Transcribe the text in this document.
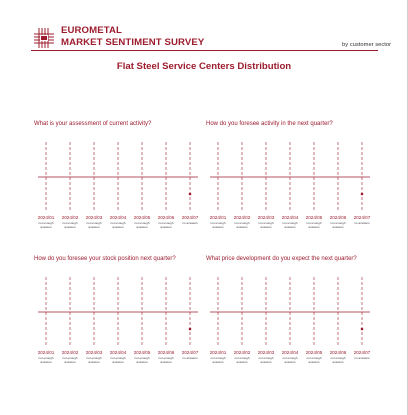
EUROMETAL
MARKET SENTIMENT SURVEY	by customer sector
Flat Steel Service Centers Distribution
What is your assessment of current activity?
2024/01
not enough
answers
2024/02
not enough
answers
2024/03
not enough
answers
2024/04
not enough
answers
2024/05
not enough
answers
2024/06
not enough
answers
2024/07
no answers
How do you foresee activity in the next quarter?
2024/01
not enough
answers
2024/02
not enough
answers
2024/03
not enough
answers
2024/04
not enough
answers
2024/05
not enough
answers
2024/06
not enough
answers
2024/07
no answers
How do you foresee your stock position next quarter?
2024/01
not enough
answers
2024/02
not enough
answers
2024/03
not enough
answers
2024/04
not enough
answers
2024/05
not enough
answers
2024/06
not enough
answers
2024/07
no answers
What price development do you expect the next quarter?
2024/01
not enough
answers
2024/02
not enough
answers
2024/03
not enough
answers
2024/04
not enough
answers
2024/05
not enough
answers
2024/06
not enough
answers
2024/07
no answers
